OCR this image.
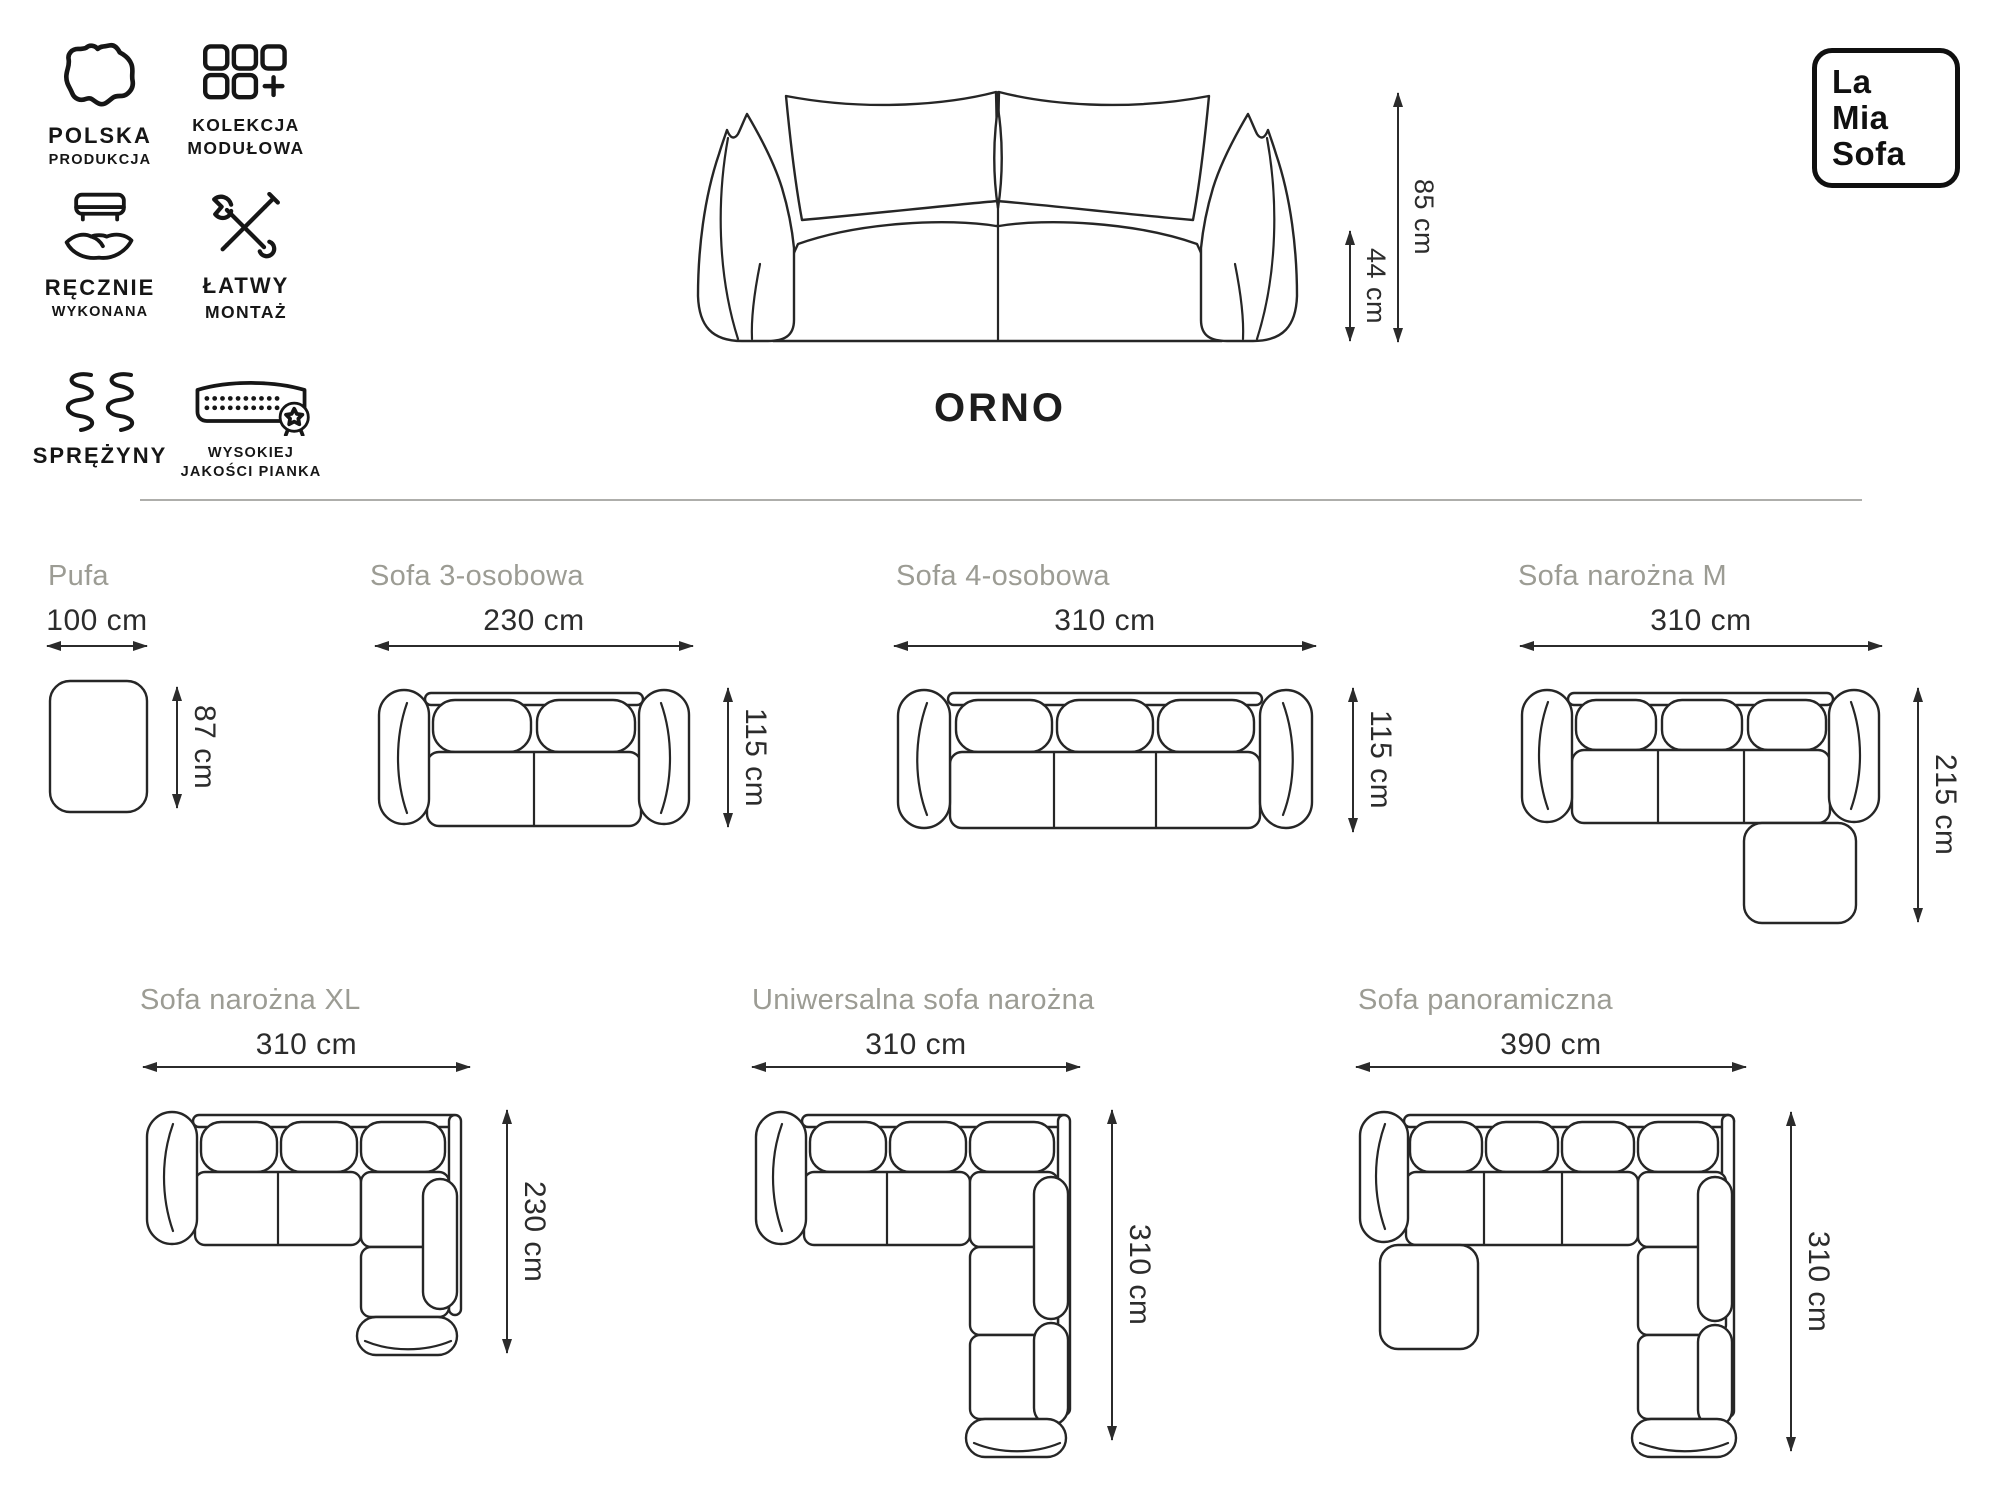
POLSKA
PRODUKCJA
KOLEKCJA
MODUŁOWA
RĘCZNIE
WYKONANA
ŁATWY
MONTAŻ
SPRĘŻYNY	WYSOKIEJ
JAKOŚCI PIANKA
44 cm
85 cm
ORNO
La
Mia
Sofa
Pufa
100 cm
87 cm
Sofa 3-osobowa
230 cm
115 cm
Sofa 4-osobowa
310 cm
115 cm
Sofa narożna M
310 cm
215 cm
Sofa narożna XL
310 cm
230 cm
Uniwersalna sofa narożna
310 cm
310 cm
Sofa panoramiczna
390 cm
310 cm
